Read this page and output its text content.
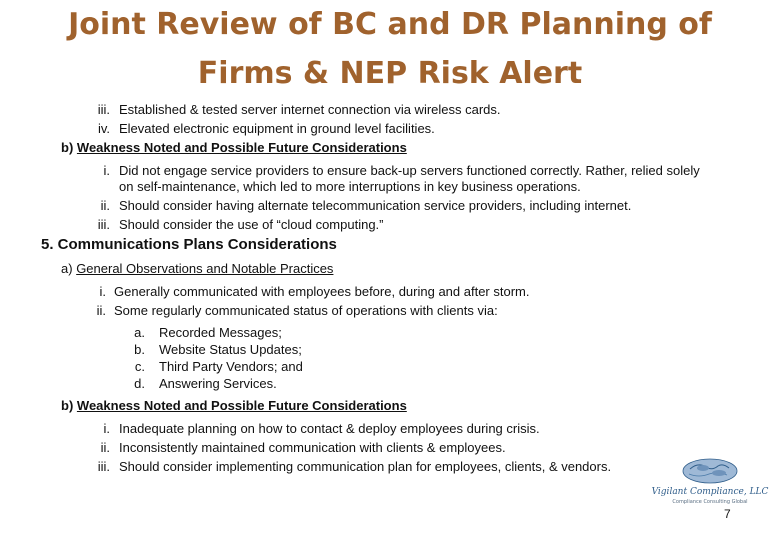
Joint Review of BC and DR Planning of
Firms & NEP Risk Alert
iii. Established & tested server internet connection via wireless cards.
iv. Elevated electronic equipment in ground level facilities.
b) Weakness Noted and Possible Future Considerations
i. Did not engage service providers to ensure back-up servers functioned correctly. Rather, relied solely
on self-maintenance, which led to more interruptions in key business operations.
ii. Should consider having alternate telecommunication service providers, including internet.
iii. Should consider the use of “cloud computing.”
5. Communications Plans Considerations
a) General Observations and Notable Practices
i. Generally communicated with employees before, during and after storm.
ii. Some regularly communicated status of operations with clients via:
a. Recorded Messages;
b. Website Status Updates;
c. Third Party Vendors; and
d. Answering Services.
b) Weakness Noted and Possible Future Considerations
i. Inadequate planning on how to contact & deploy employees during crisis.
ii. Inconsistently maintained communication with clients & employees.
iii. Should consider implementing communication plan for employees, clients, & vendors.
Vigilant Compliance, LLC
Compliance Consulting Global
7
